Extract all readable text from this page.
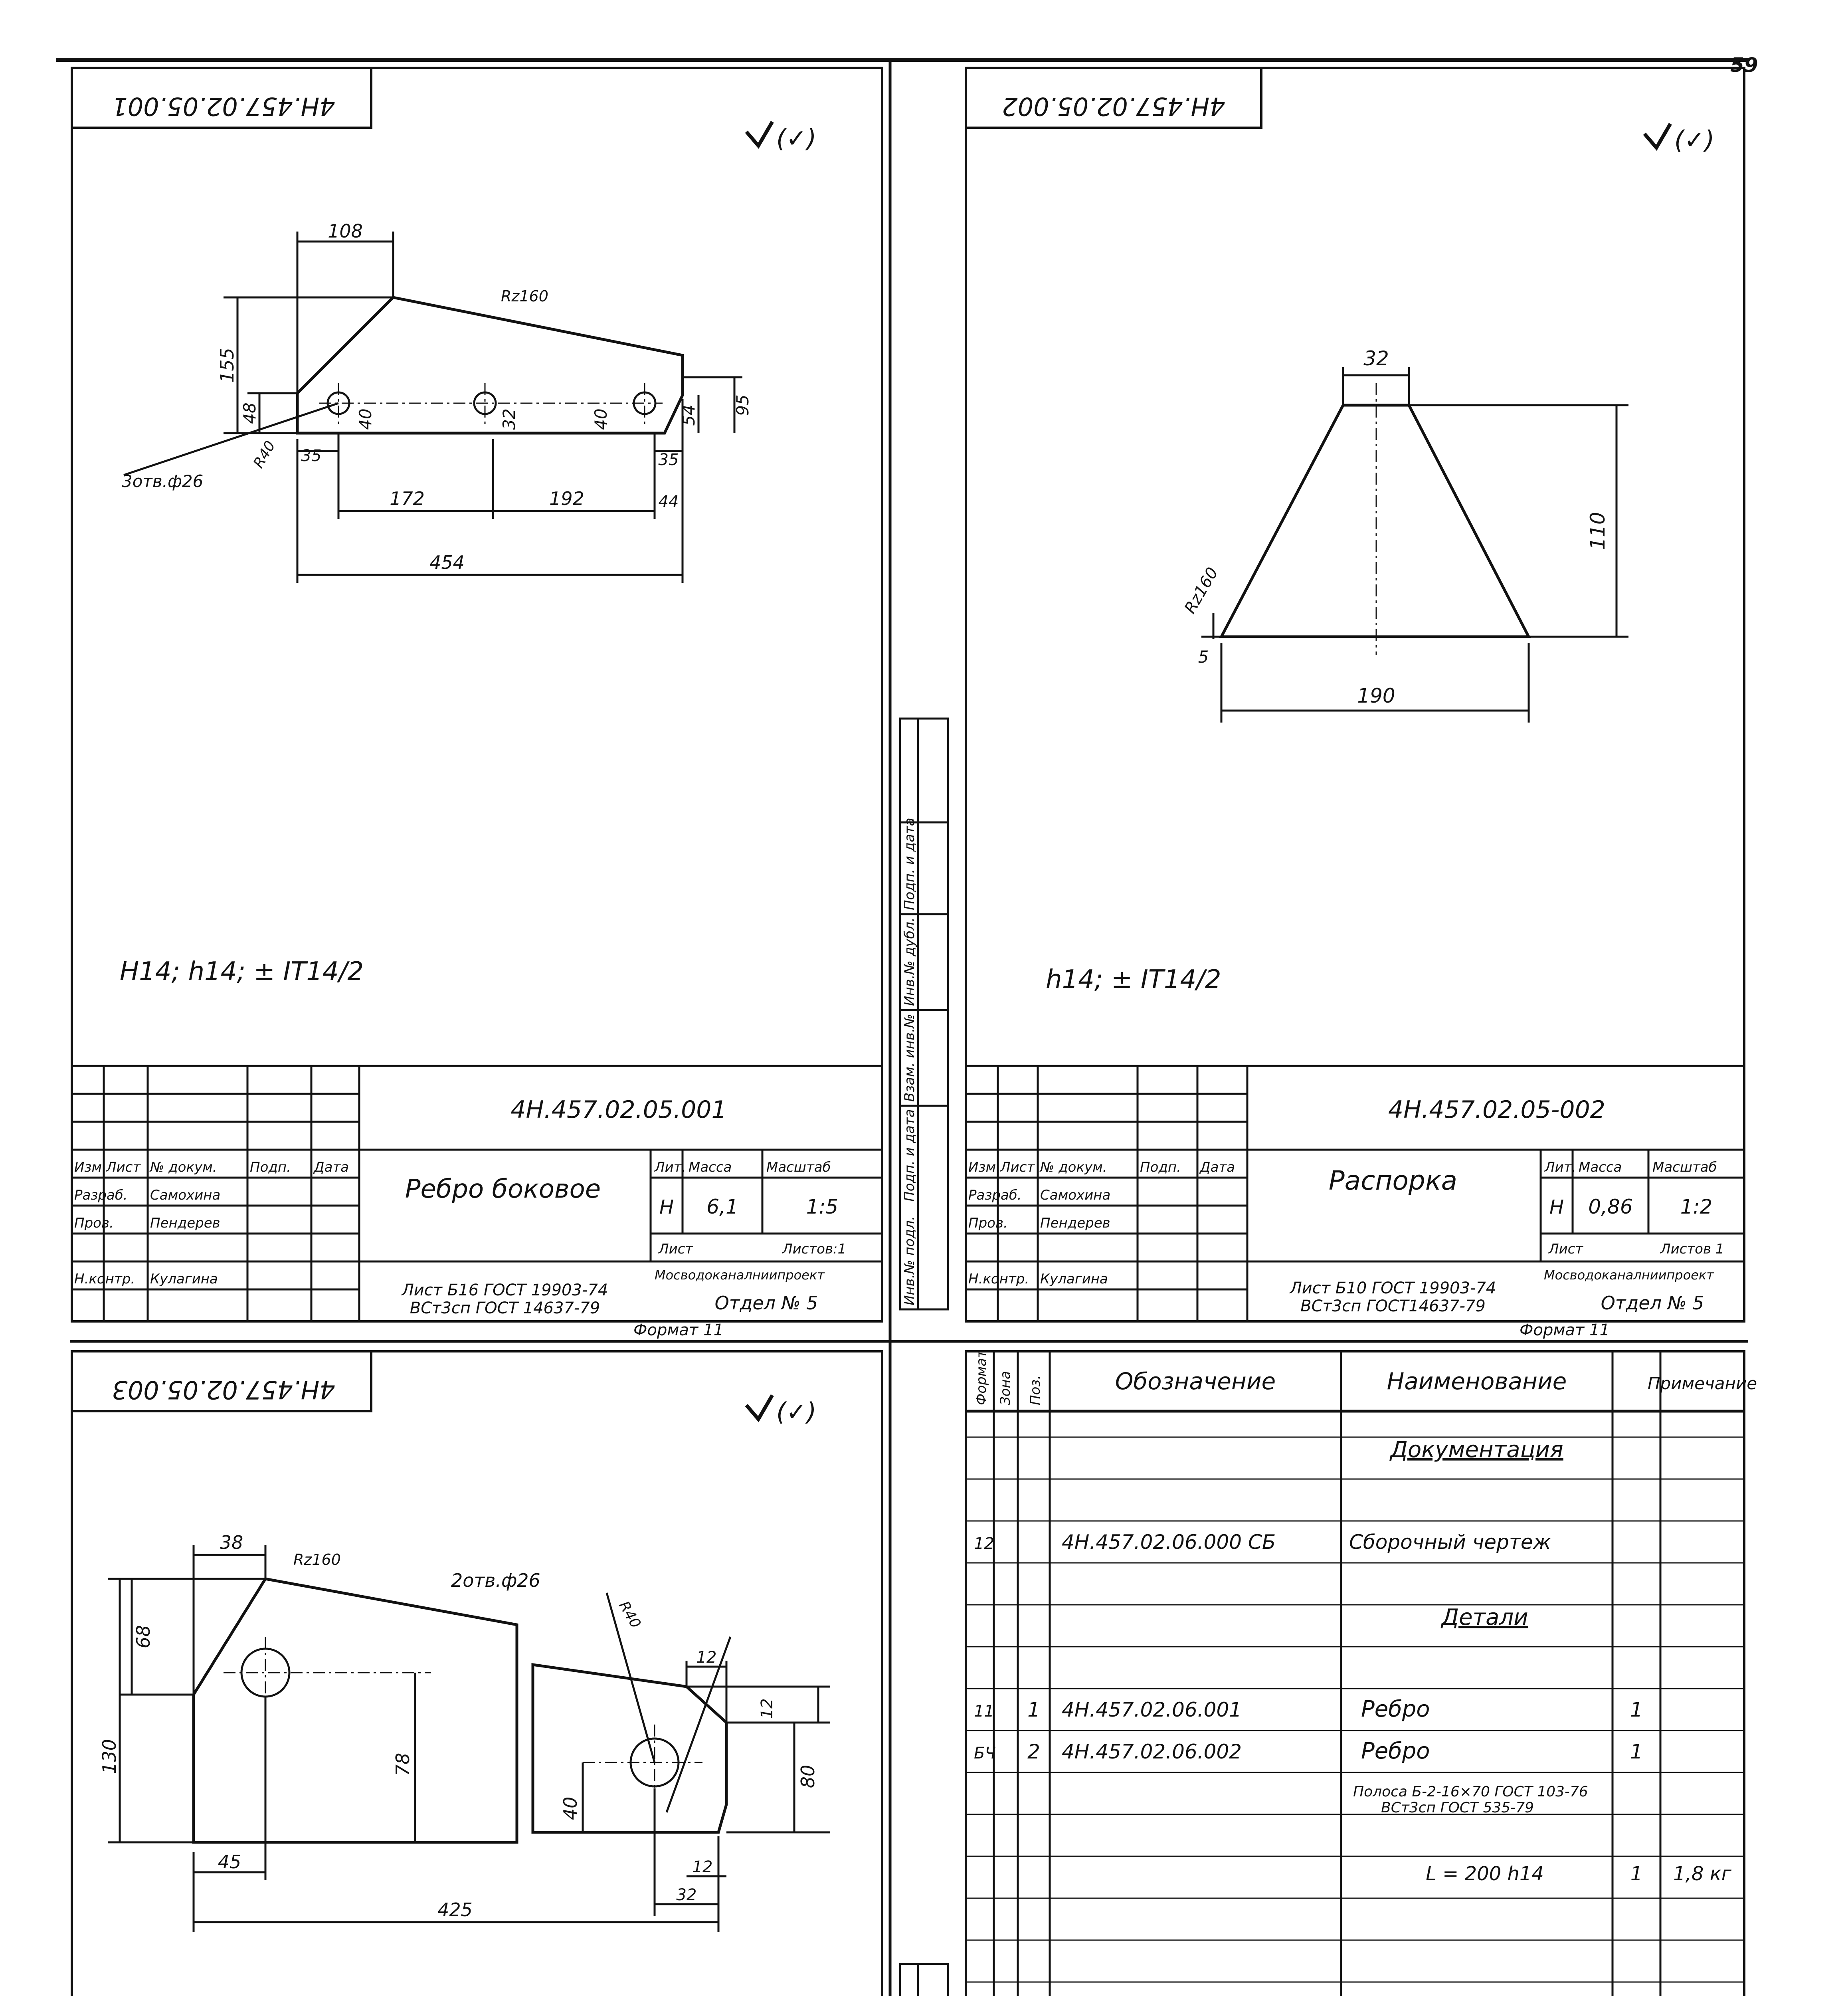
59
4Н.457.02.05.001	4Н.457.02.05.002
4Н.457.02.05.003
(✓)	(✓)
(✓)
108
155
48	40	32	40	54 95
35	35
172	192	44
454
3отв.ф26
Rz160
R40
H14; h14; ± IT14/2
32
110
190
5
Rz160
h14; ± IT14/2
38
68
130	78
45
425
12
12
80
40
12
32
2отв.ф26
Rz160
R40
Изм Лист № докум. Подп. Дата
Разраб. Самохина
Пров.	Пендерев
Н.контр. Кулагина
Лит. Масса	Масштаб
Лист	Листов:1
Мосводоканалниипроект
4Н.457.02.05.001
Ребро боковое
Н 6,1	1:5
Лист Б16 ГОСТ 19903-74
ВСт3сп ГОСТ 14637-79	Отдел № 5
Формат 11
Изм Лист № докум. Подп. Дата
Разраб. Самохина
Пров. Пендерев
Н.контр. Кулагина
Лит. Масса Масштаб
Лист	Листов 1
Мосводоканалниипроект
4Н.457.02.05-002
Распорка
Н 0,86 1:2
Лист Б10 ГОСТ 19903-74
ВСт3сп ГОСТ14637-79	Отдел № 5
Формат 11
Формат Зона Поз.	Обозначение	Наименование	Примечание
Документация
Детали
12	4Н.457.02.06.000 СБ	Сборочный чертеж
11 1 4Н.457.02.06.001	Ребро	1
БЧ 2 4Н.457.02.06.002	Ребро	1
Полоса Б-2-16×70 ГОСТ 103-76
ВСт3сп ГОСТ 535-79
L = 200 h14	1 1,8 кг
Инв.№ подл.
Подп. и дата
Взам. инв.№
Инв.№ дубл.
Подп. и дата
